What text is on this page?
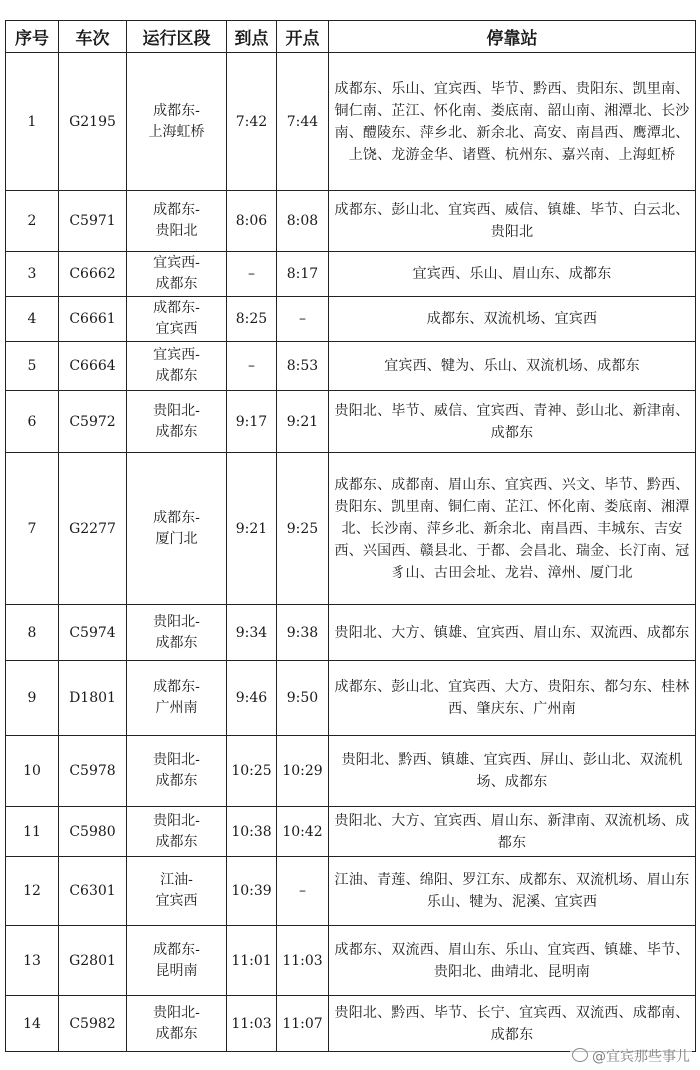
序号	车次	运行区段	到点	开点	停靠站
1	G2195	成都东-
上海虹桥	7:42	7:44	成都东、乐山、宜宾西、毕节、黔西、贵阳东、凯里南、铜仁南、芷江、怀化南、娄底南、韶山南、湘潭北、长沙南、醴陵东、萍乡北、新余北、高安、南昌西、鹰潭北、上饶、龙游金华、诸暨、杭州东、嘉兴南、上海虹桥
2	C5971	成都东-
贵阳北	8:06	8:08	成都东、彭山北、宜宾西、威信、镇雄、毕节、白云北、贵阳北
3	C6662	宜宾西-
成都东	–	8:17	宜宾西、乐山、眉山东、成都东
4	C6661	成都东-
宜宾西	8:25	–	成都东、双流机场、宜宾西
5	C6664	宜宾西-
成都东	–	8:53	宜宾西、犍为、乐山、双流机场、成都东
6	C5972	贵阳北-
成都东	9:17	9:21	贵阳北、毕节、威信、宜宾西、青神、彭山北、新津南、成都东
7	G2277	成都东-
厦门北	9:21	9:25	成都东、成都南、眉山东、宜宾西、兴文、毕节、黔西、贵阳东、凯里南、铜仁南、芷江、怀化南、娄底南、湘潭北、长沙南、萍乡北、新余北、南昌西、丰城东、吉安西、兴国西、赣县北、于都、会昌北、瑞金、长汀南、冠豸山、古田会址、龙岩、漳州、厦门北
8	C5974	贵阳北-
成都东	9:34	9:38	贵阳北、大方、镇雄、宜宾西、眉山东、双流西、成都东
9	D1801	成都东-
广州南	9:46	9:50	成都东、彭山北、宜宾西、大方、贵阳东、都匀东、桂林西、肇庆东、广州南
10	C5978	贵阳北-
成都东	10:25	10:29	贵阳北、黔西、镇雄、宜宾西、屏山、彭山北、双流机场、成都东
11	C5980	贵阳北-
成都东	10:38	10:42	贵阳北、大方、宜宾西、眉山东、新津南、双流机场、成都东
12	C6301	江油-
宜宾西	10:39	–	江油、青莲、绵阳、罗江东、成都东、双流机场、眉山东乐山、犍为、泥溪、宜宾西
13	G2801	成都东-
昆明南	11:01	11:03	成都东、双流西、眉山东、乐山、宜宾西、镇雄、毕节、贵阳北、曲靖北、昆明南
14	C5982	贵阳北-
成都东	11:03	11:07	贵阳北、黔西、毕节、长宁、宜宾西、双流西、成都南、成都东
@宜宾那些事儿
